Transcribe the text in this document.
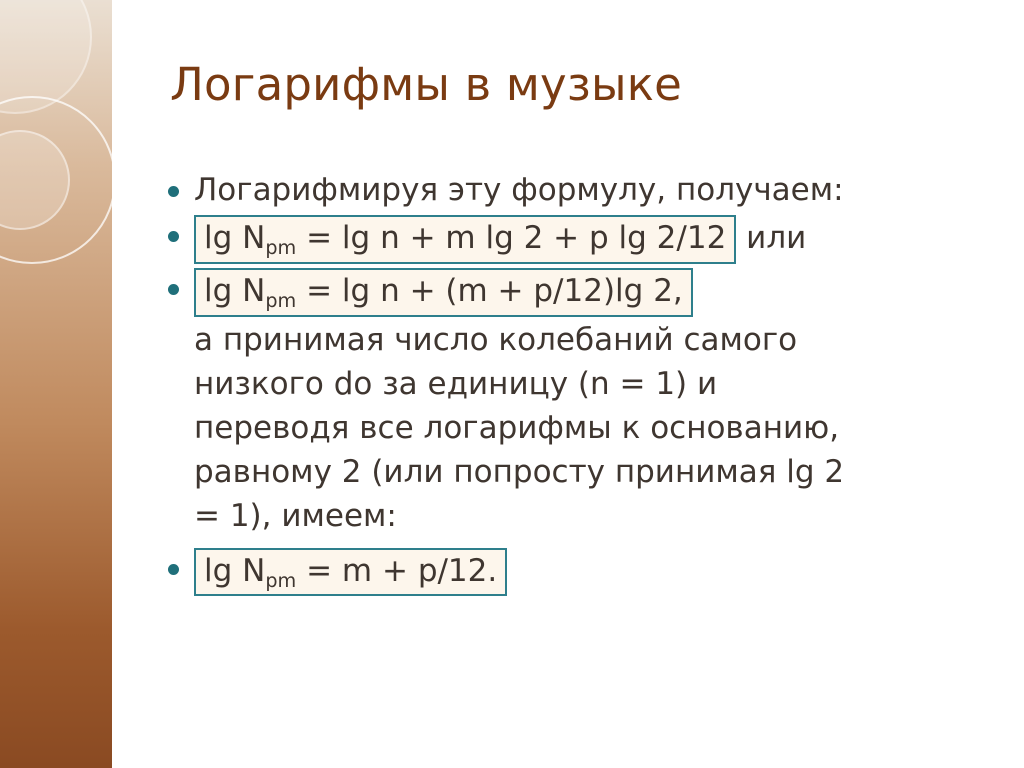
Логарифмы в музыке
Логарифмируя эту формулу, получаем:
$\lg N_{pm} = \lg n + m$ lg 2 + p lg 2/12 или
$\lg N_{pm} = \lg n + (m + p/12)\lg$ 2,
а принимая число колебаний самого
низкого do за единицу (n = 1) и
переводя все логарифмы к основанию,
равному 2 (или попросту принимая lg 2
= 1), имеем:
$\lg N_{pm} = m + p/12$.
